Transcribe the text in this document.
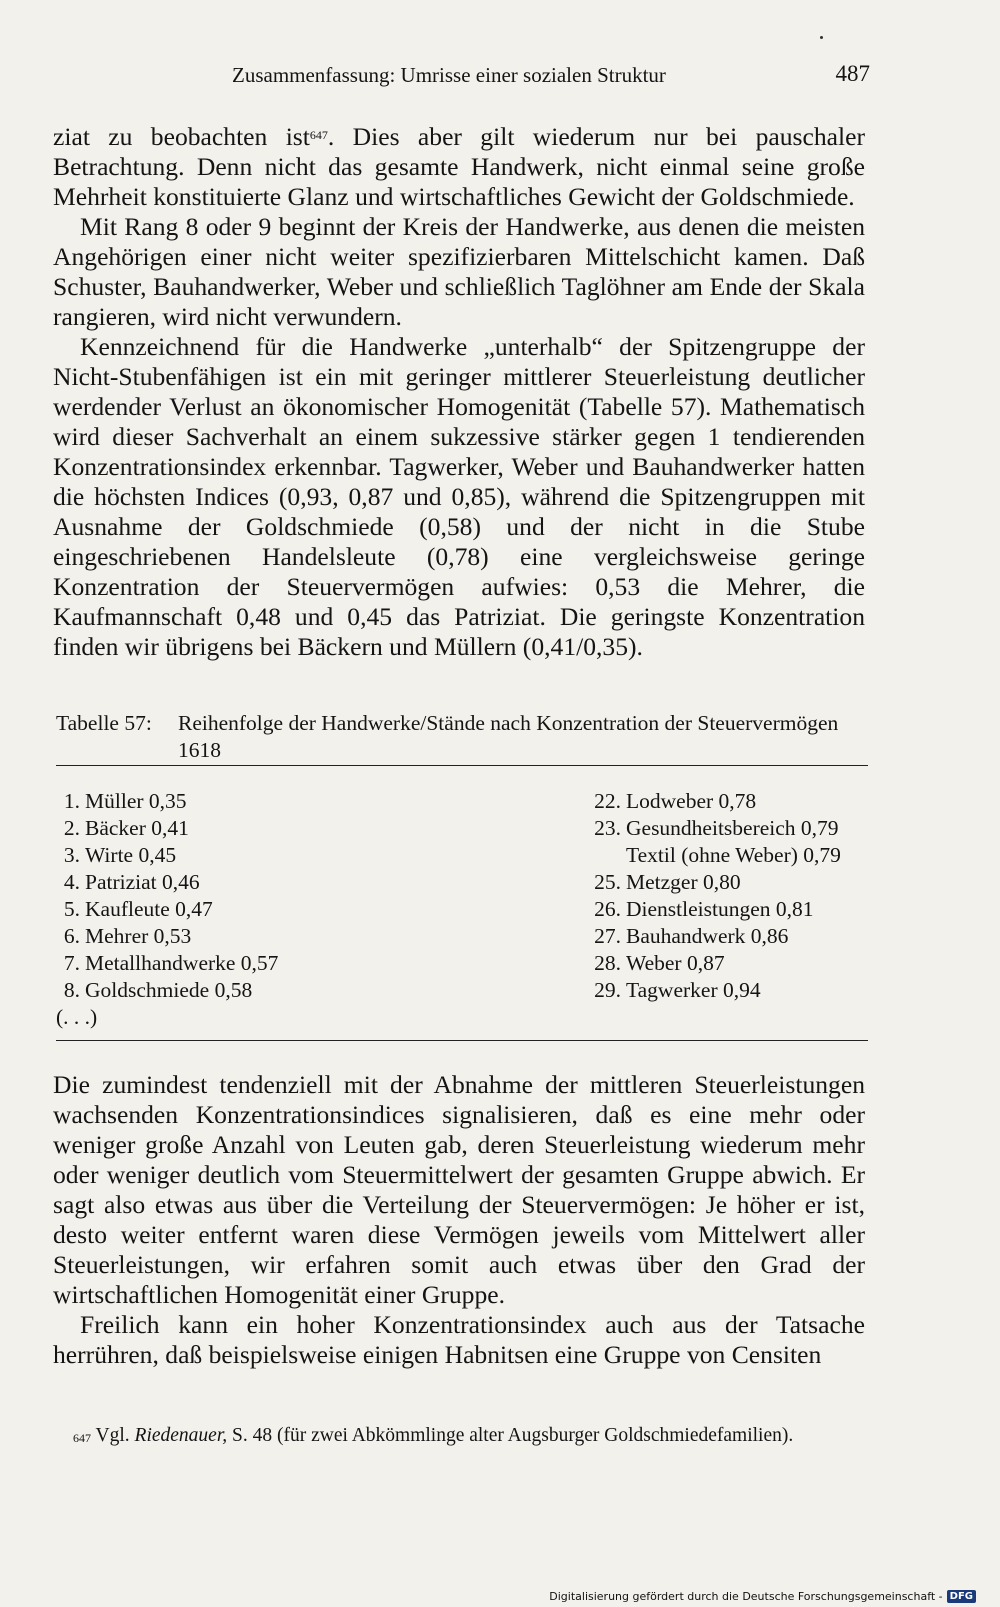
Zusammenfassung: Umrisse einer sozialen Struktur	487

ziat zu beobachten ist$^{647}$. Dies aber gilt wiederum nur bei pauschaler Betrachtung. Denn nicht das gesamte Handwerk, nicht einmal seine große Mehrheit konstituierte Glanz und wirtschaftliches Gewicht der Goldschmiede.

Mit Rang 8 oder 9 beginnt der Kreis der Handwerke, aus denen die meisten Angehörigen einer nicht weiter spezifizierbaren Mittelschicht kamen. Daß Schuster, Bauhandwerker, Weber und schließlich Taglöhner am Ende der Skala rangieren, wird nicht verwundern.

Kennzeichnend für die Handwerke „unterhalb“ der Spitzengruppe der Nicht-Stubenfähigen ist ein mit geringer mittlerer Steuerleistung deutlicher werdender Verlust an ökonomischer Homogenität (Tabelle 57). Mathematisch wird dieser Sachverhalt an einem sukzessive stärker gegen 1 tendierenden Konzentrationsindex erkennbar. Tagwerker, Weber und Bauhandwerker hatten die höchsten Indices (0,93, 0,87 und 0,85), während die Spitzengruppen mit Ausnahme der Goldschmiede (0,58) und der nicht in die Stube eingeschriebenen Handelsleute (0,78) eine vergleichsweise geringe Konzentration der Steuervermögen aufwies: 0,53 die Mehrer, die Kaufmannschaft 0,48 und 0,45 das Patriziat. Die geringste Konzentration finden wir übrigens bei Bäckern und Müllern (0,41/0,35).

Tabelle 57: Reihenfolge der Handwerke/Stände nach Konzentration der Steuervermögen 1618
1. Müller 0,35
2. Bäcker 0,41
3. Wirte 0,45
4. Patriziat 0,46
5. Kaufleute 0,47
6. Mehrer 0,53
7. Metallhandwerke 0,57
8. Goldschmiede 0,58
(. . .)
22. Lodweber 0,78
23. Gesundheitsbereich 0,79
Textil (ohne Weber) 0,79
25. Metzger 0,80
26. Dienstleistungen 0,81
27. Bauhandwerk 0,86
28. Weber 0,87
29. Tagwerker 0,94

Die zumindest tendenziell mit der Abnahme der mittleren Steuerleistungen wachsenden Konzentrationsindices signalisieren, daß es eine mehr oder weniger große Anzahl von Leuten gab, deren Steuerleistung wiederum mehr oder weniger deutlich vom Steuermittelwert der gesamten Gruppe abwich. Er sagt also etwas aus über die Verteilung der Steuervermögen: Je höher er ist, desto weiter entfernt waren diese Vermögen jeweils vom Mittelwert aller Steuerleistungen, wir erfahren somit auch etwas über den Grad der wirtschaftlichen Homogenität einer Gruppe.

Freilich kann ein hoher Konzentrationsindex auch aus der Tatsache herrühren, daß beispielsweise einigen Habnitsen eine Gruppe von Censiten

$^{647}$ Vgl. Riedenauer, S. 48 (für zwei Abkömmlinge alter Augsburger Goldschmiedefamilien).
Digitalisierung gefördert durch die Deutsche Forschungsgemeinschaft - DFG
